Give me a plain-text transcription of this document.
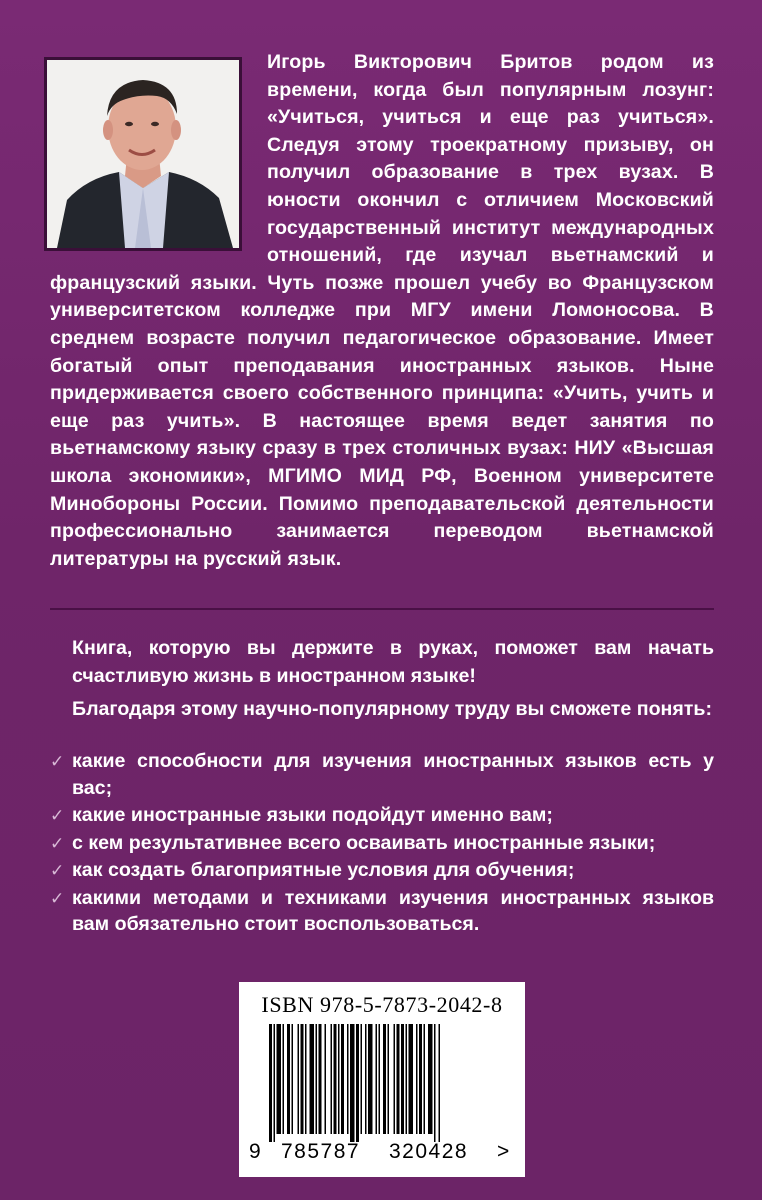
Игорь Викторович Бритов родом из времени, когда был популярным лозунг: «Учиться, учиться и еще раз учиться». Следуя этому троекратному призыву, он получил образование в трех вузах. В юности окончил с отличием Московский государственный институт международных отношений, где изучал вьетнамский и французский языки. Чуть позже прошел учебу во Французском университетском колледже при МГУ имени Ломоносова. В среднем возрасте получил педагогическое образование. Имеет богатый опыт преподавания иностранных языков. Ныне придерживается своего собственного принципа: «Учить, учить и еще раз учить». В настоящее время ведет занятия по вьетнамскому языку сразу в трех столичных вузах: НИУ «Высшая школа экономики», МГИМО МИД РФ, Военном университете Минобороны России. Помимо преподавательской деятельности профессионально занимается переводом вьетнамской литературы на русский язык.

Книга, которую вы держите в руках, поможет вам начать счастливую жизнь в иностранном языке!

Благодаря этому научно-популярному труду вы сможете понять:

✓ какие способности для изучения иностранных языков есть у вас;
✓ какие иностранные языки подойдут именно вам;
✓ с кем результативнее всего осваивать иностранные языки;
✓ как создать благоприятные условия для обучения;
✓ какими методами и техниками изучения иностранных языков вам обязательно стоит воспользоваться.
ISBN 978-5-7873-2042-8
9 785787 320428 >
